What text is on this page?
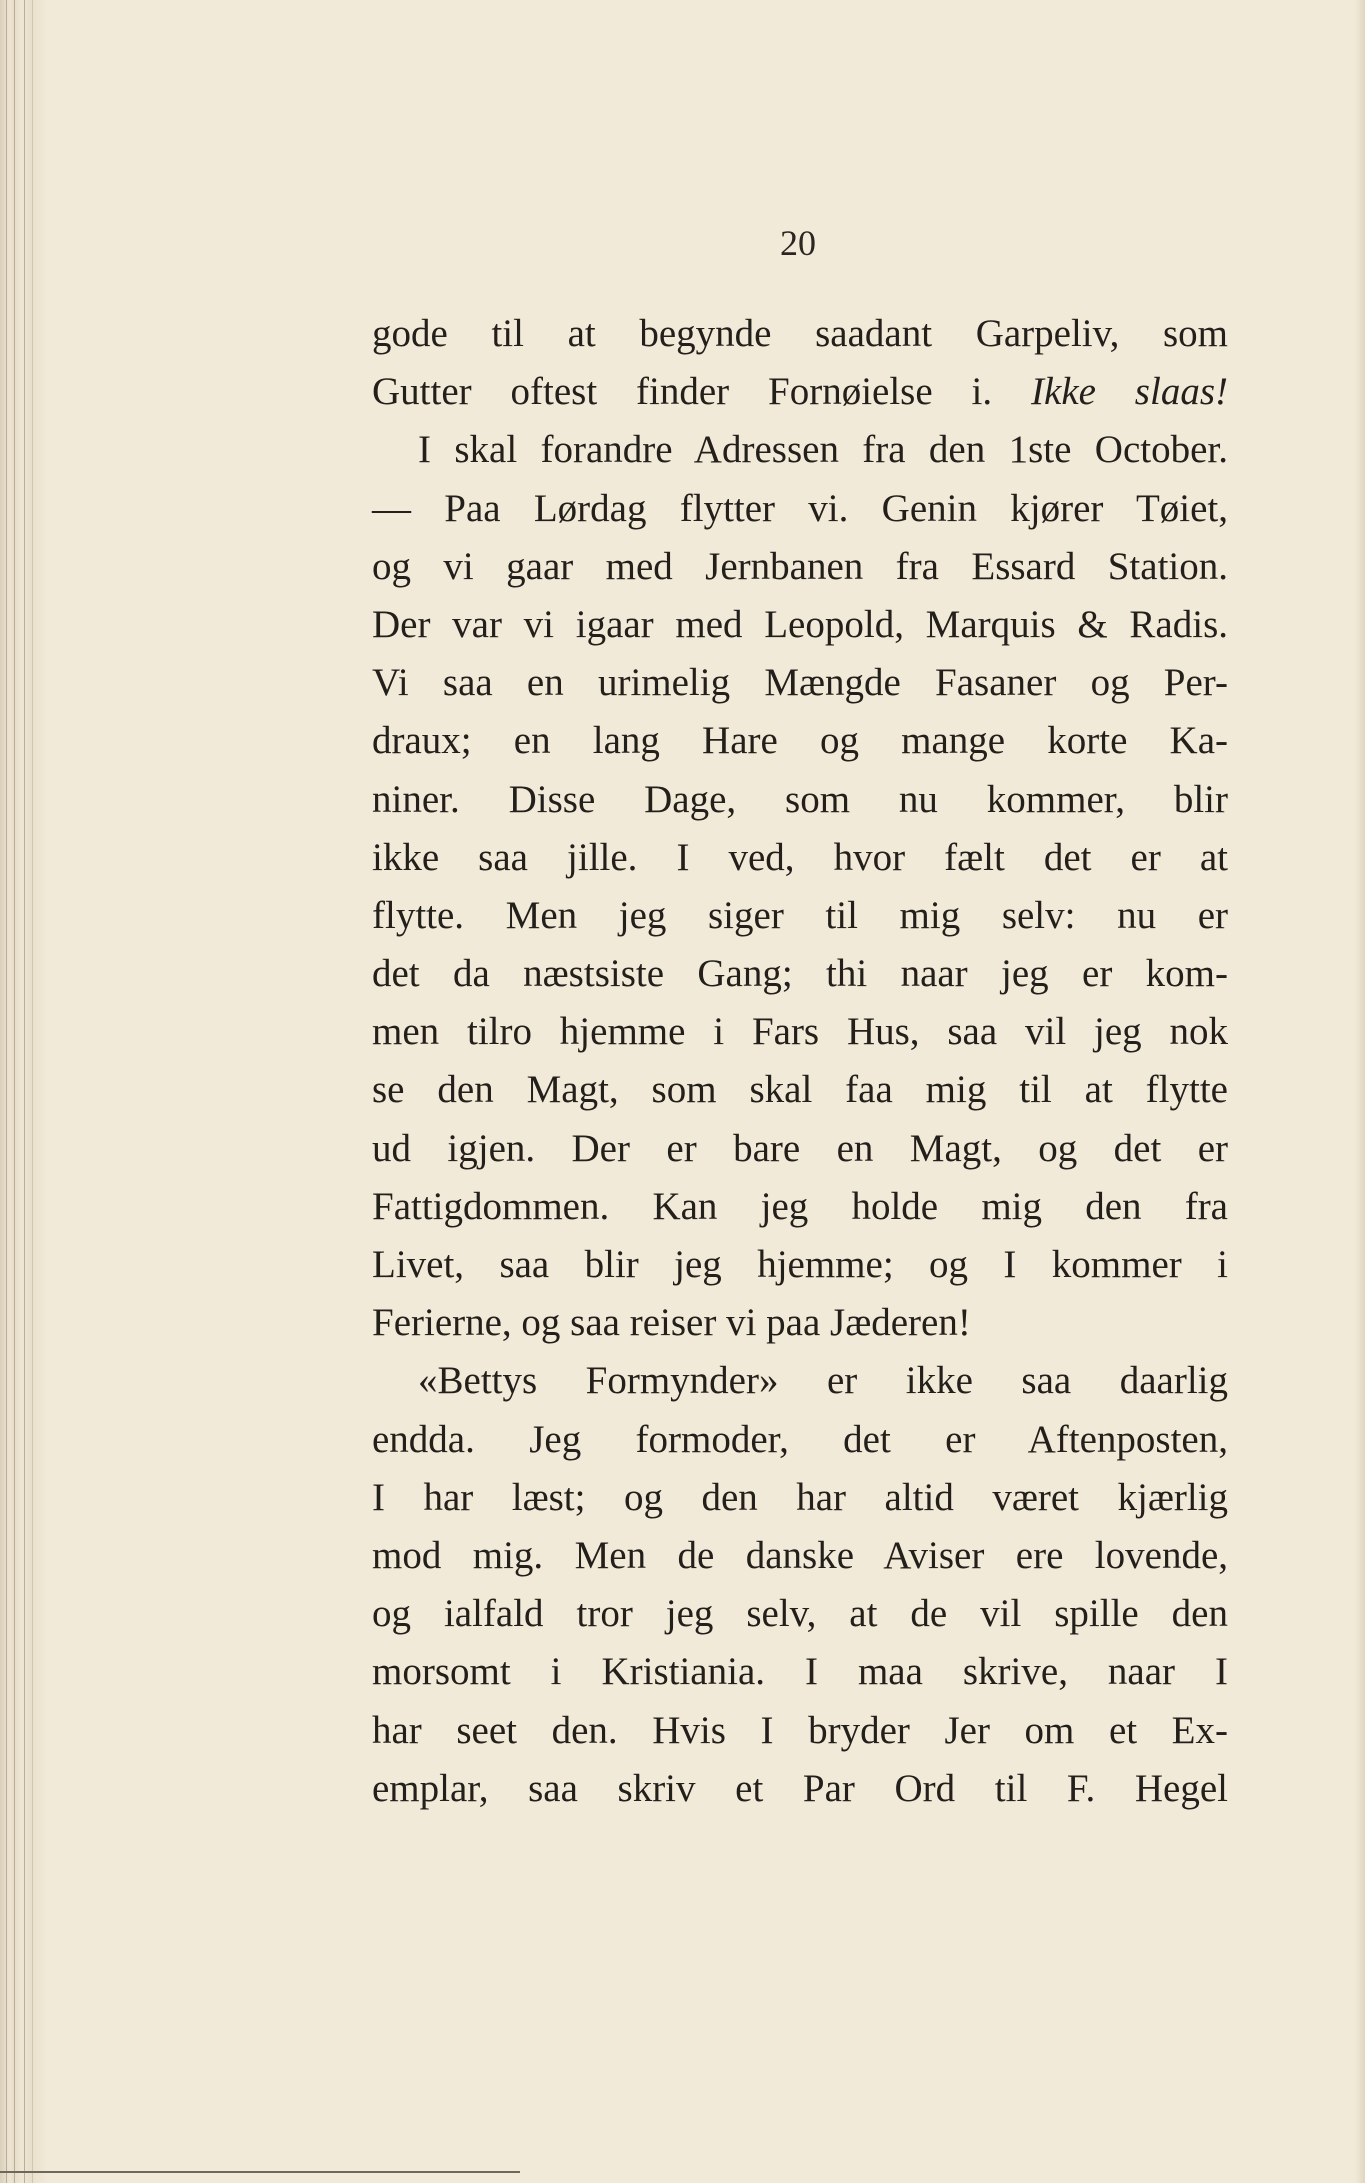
20
gode til at begynde saadant Garpeliv, som
Gutter oftest finder Fornøielse i. Ikke slaas!
I skal forandre Adressen fra den 1ste October.
— Paa Lørdag flytter vi. Genin kjører Tøiet,
og vi gaar med Jernbanen fra Essard Station.
Der var vi igaar med Leopold, Marquis & Radis.
Vi saa en urimelig Mængde Fasaner og Per-
draux; en lang Hare og mange korte Ka-
niner. Disse Dage, som nu kommer, blir
ikke saa jille. I ved, hvor fælt det er at
flytte. Men jeg siger til mig selv: nu er
det da næstsiste Gang; thi naar jeg er kom-
men tilro hjemme i Fars Hus, saa vil jeg nok
se den Magt, som skal faa mig til at flytte
ud igjen. Der er bare en Magt, og det er
Fattigdommen. Kan jeg holde mig den fra
Livet, saa blir jeg hjemme; og I kommer i
Ferierne, og saa reiser vi paa Jæderen!
«Bettys Formynder» er ikke saa daarlig
endda. Jeg formoder, det er Aftenposten,
I har læst; og den har altid været kjærlig
mod mig. Men de danske Aviser ere lovende,
og ialfald tror jeg selv, at de vil spille den
morsomt i Kristiania. I maa skrive, naar I
har seet den. Hvis I bryder Jer om et Ex-
emplar, saa skriv et Par Ord til F. Hegel
